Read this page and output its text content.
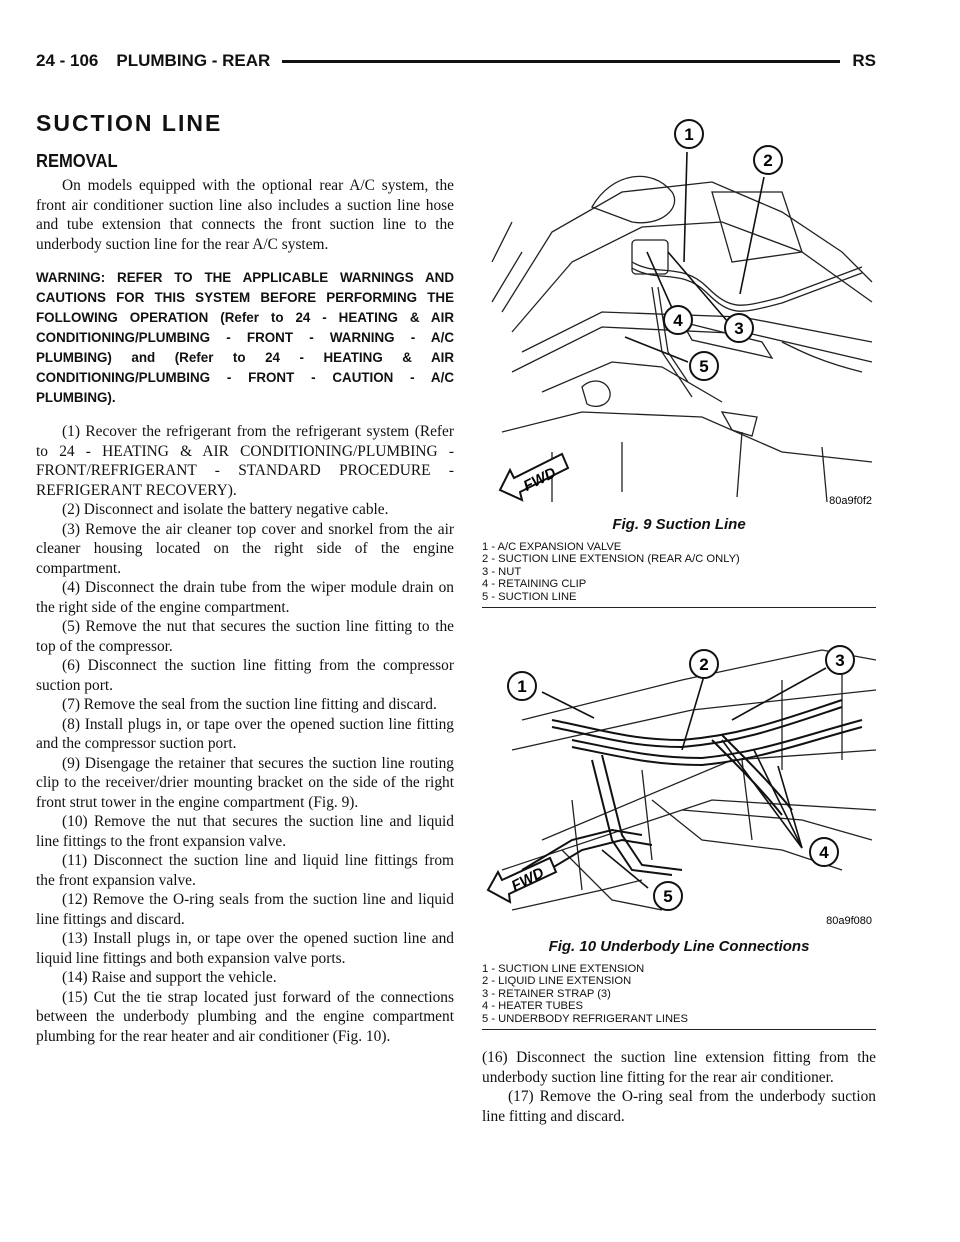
24 - 106 PLUMBING - REAR	RS
SUCTION LINE
REMOVAL

On models equipped with the optional rear A/C system, the front air conditioner suction line also includes a suction line hose and tube extension that connects the front suction line to the underbody suction line for the rear A/C system.

WARNING: REFER TO THE APPLICABLE WARNINGS AND CAUTIONS FOR THIS SYSTEM BEFORE PERFORMING THE FOLLOWING OPERATION (Refer to 24 - HEATING & AIR CONDITIONING/PLUMBING - FRONT - WARNING - A/C PLUMBING) and (Refer to 24 - HEATING & AIR CONDITIONING/PLUMBING - FRONT - CAUTION - A/C PLUMBING).

(1) Recover the refrigerant from the refrigerant system (Refer to 24 - HEATING & AIR CONDITIONING/PLUMBING - FRONT/REFRIGERANT - STANDARD PROCEDURE - REFRIGERANT RECOVERY).

(2) Disconnect and isolate the battery negative cable.

(3) Remove the air cleaner top cover and snorkel from the air cleaner housing located on the right side of the engine compartment.

(4) Disconnect the drain tube from the wiper module drain on the right side of the engine compartment.

(5) Remove the nut that secures the suction line fitting to the top of the compressor.

(6) Disconnect the suction line fitting from the compressor suction port.

(7) Remove the seal from the suction line fitting and discard.

(8) Install plugs in, or tape over the opened suction line fitting and the compressor suction port.

(9) Disengage the retainer that secures the suction line routing clip to the receiver/drier mounting bracket on the side of the right front strut tower in the engine compartment (Fig. 9).

(10) Remove the nut that secures the suction line and liquid line fittings to the front expansion valve.

(11) Disconnect the suction line and liquid line fittings from the front expansion valve.

(12) Remove the O-ring seals from the suction line and liquid line fittings and discard.

(13) Install plugs in, or tape over the opened suction line and liquid line fittings and both expansion valve ports.

(14) Raise and support the vehicle.

(15) Cut the tie strap located just forward of the connections between the underbody plumbing and the engine compartment plumbing for the rear heater and air conditioner (Fig. 10).

1
2
3
4
5
FWD
80a9f0f2
Fig. 9 Suction Line
1 - A/C EXPANSION VALVE
2 - SUCTION LINE EXTENSION (REAR A/C ONLY)
3 - NUT
4 - RETAINING CLIP
5 - SUCTION LINE
1
2	3
4
5
FWD
80a9f080
Fig. 10 Underbody Line Connections
1 - SUCTION LINE EXTENSION
2 - LIQUID LINE EXTENSION
3 - RETAINER STRAP (3)
4 - HEATER TUBES
5 - UNDERBODY REFRIGERANT LINES

(16) Disconnect the suction line extension fitting from the underbody suction line fitting for the rear air conditioner.

(17) Remove the O-ring seal from the underbody suction line fitting and discard.
